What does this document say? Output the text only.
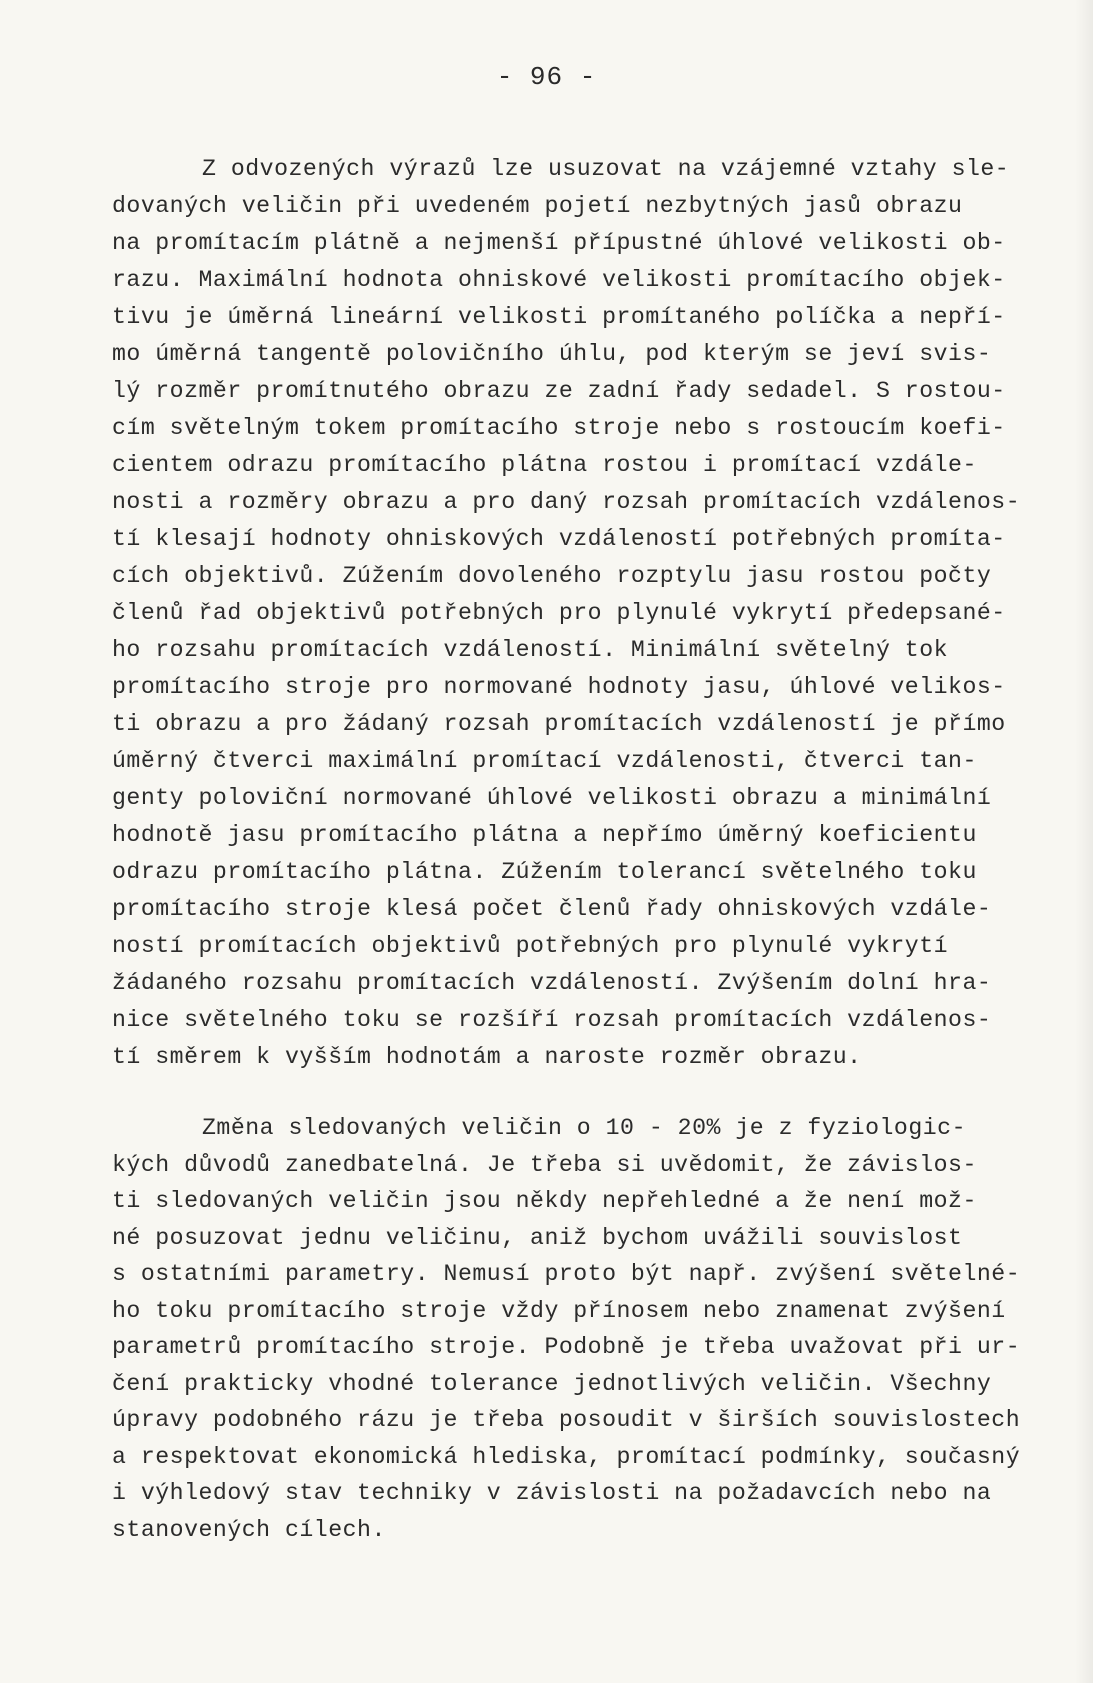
- 96 -
Z odvozených výrazů lze usuzovat na vzájemné vztahy sle-
dovaných veličin při uvedeném pojetí nezbytných jasů obrazu
na promítacím plátně a nejmenší přípustné úhlové velikosti ob-
razu. Maximální hodnota ohniskové velikosti promítacího objek-
tivu je úměrná lineární velikosti promítaného políčka a nepří-
mo úměrná tangentě polovičního úhlu, pod kterým se jeví svis-
lý rozměr promítnutého obrazu ze zadní řady sedadel. S rostou-
cím světelným tokem promítacího stroje nebo s rostoucím koefi-
cientem odrazu promítacího plátna rostou i promítací vzdále-
nosti a rozměry obrazu a pro daný rozsah promítacích vzdálenos-
tí klesají hodnoty ohniskových vzdáleností potřebných promíta-
cích objektivů. Zúžením dovoleného rozptylu jasu rostou počty
členů řad objektivů potřebných pro plynulé vykrytí předepsané-
ho rozsahu promítacích vzdáleností. Minimální světelný tok
promítacího stroje pro normované hodnoty jasu, úhlové velikos-
ti obrazu a pro žádaný rozsah promítacích vzdáleností je přímo
úměrný čtverci maximální promítací vzdálenosti, čtverci tan-
genty poloviční normované úhlové velikosti obrazu a minimální
hodnotě jasu promítacího plátna a nepřímo úměrný koeficientu
odrazu promítacího plátna. Zúžením tolerancí světelného toku
promítacího stroje klesá počet členů řady ohniskových vzdále-
ností promítacích objektivů potřebných pro plynulé vykrytí
žádaného rozsahu promítacích vzdáleností. Zvýšením dolní hra-
nice světelného toku se rozšíří rozsah promítacích vzdálenos-
tí směrem k vyšším hodnotám a naroste rozměr obrazu.
Změna sledovaných veličin o 10 - 20% je z fyziologic-
kých důvodů zanedbatelná. Je třeba si uvědomit, že závislos-
ti sledovaných veličin jsou někdy nepřehledné a že není mož-
né posuzovat jednu veličinu, aniž bychom uvážili souvislost
s ostatními parametry. Nemusí proto být např. zvýšení světelné-
ho toku promítacího stroje vždy přínosem nebo znamenat zvýšení
parametrů promítacího stroje. Podobně je třeba uvažovat při ur-
čení prakticky vhodné tolerance jednotlivých veličin. Všechny
úpravy podobného rázu je třeba posoudit v širších souvislostech
a respektovat ekonomická hlediska, promítací podmínky, současný
i výhledový stav techniky v závislosti na požadavcích nebo na
stanovených cílech.
